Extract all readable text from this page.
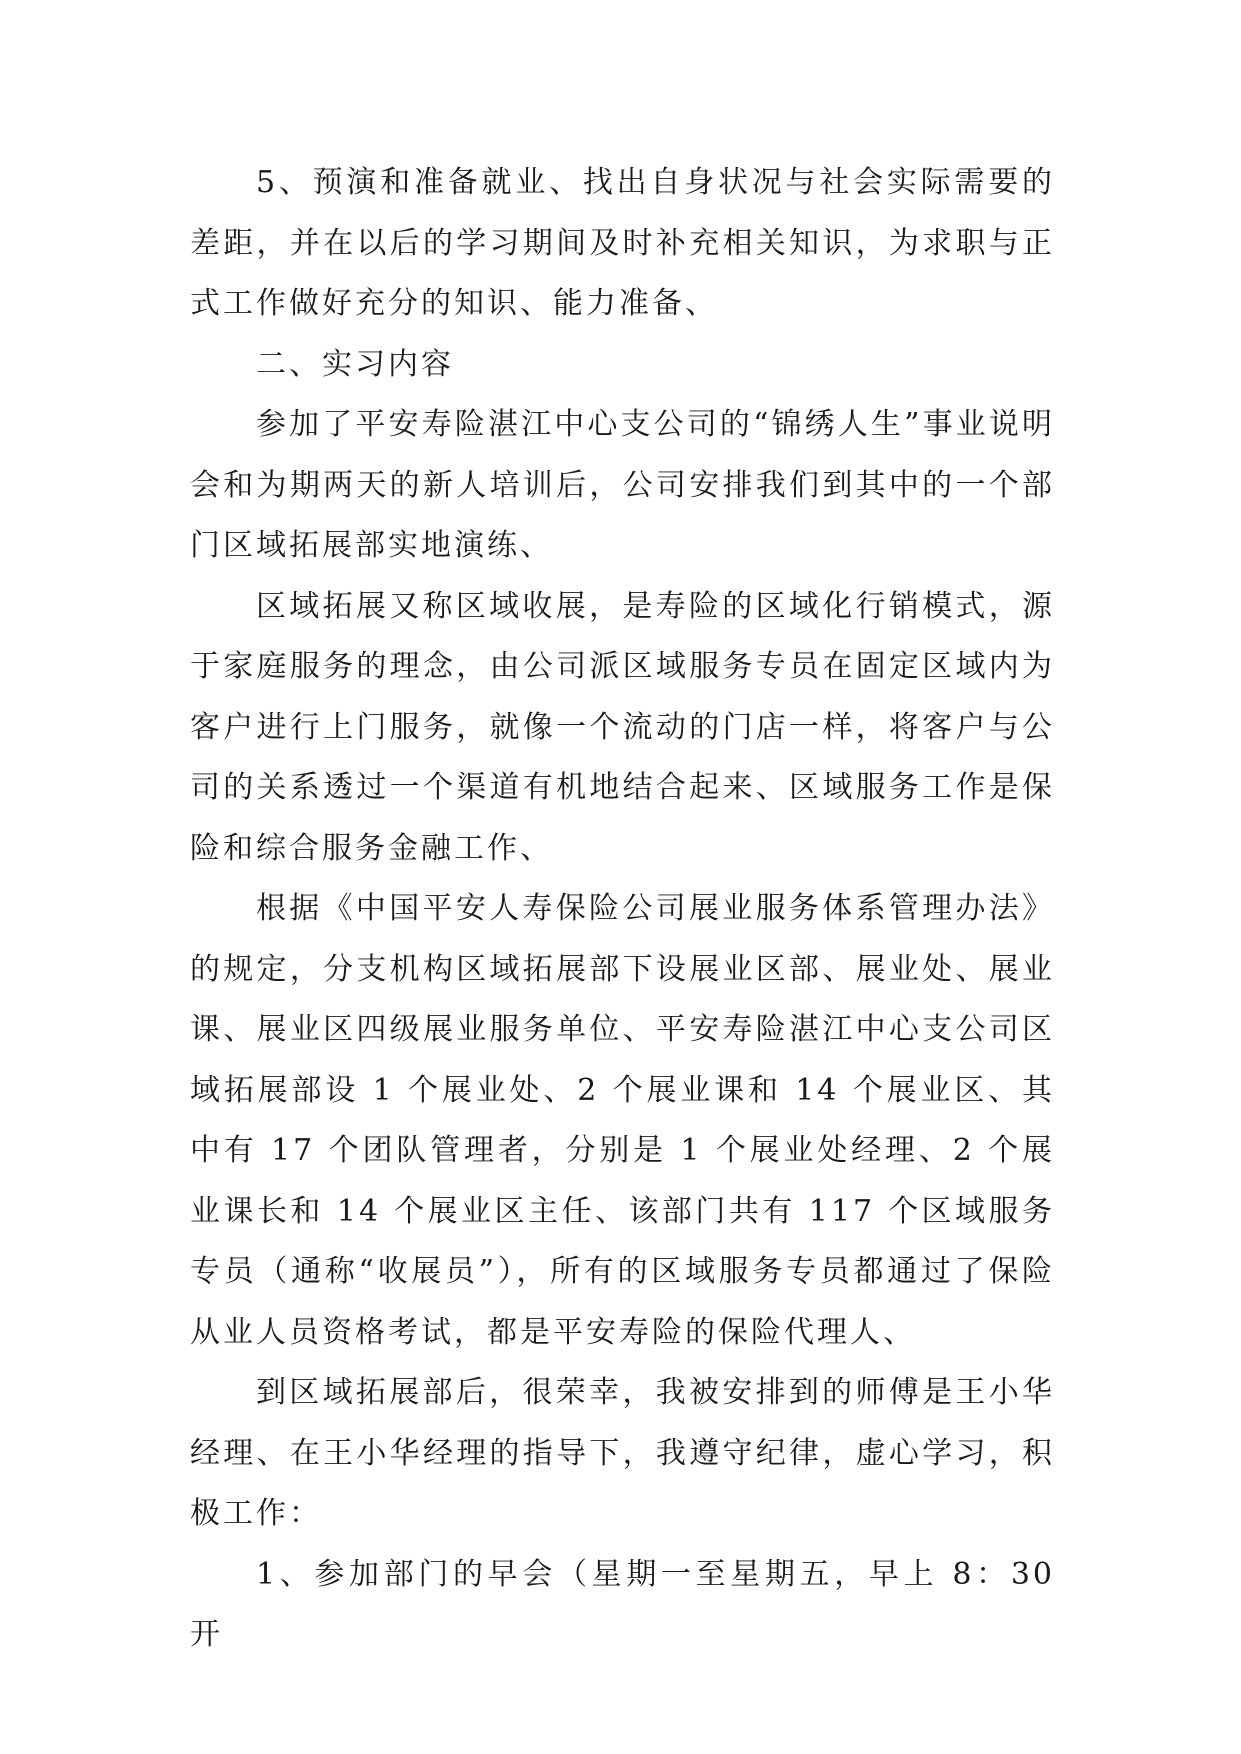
5、预演和准备就业、找出自身状况与社会实际需要的差距，并在以后的学习期间及时补充相关知识，为求职与正式工作做好充分的知识、能力准备、

二、实习内容

参加了平安寿险湛江中心支公司的“锦绣人生”事业说明会和为期两天的新人培训后，公司安排我们到其中的一个部门区域拓展部实地演练、

区域拓展又称区域收展，是寿险的区域化行销模式，源于家庭服务的理念，由公司派区域服务专员在固定区域内为客户进行上门服务，就像一个流动的门店一样，将客户与公司的关系透过一个渠道有机地结合起来、区域服务工作是保险和综合服务金融工作、

根据《中国平安人寿保险公司展业服务体系管理办法》的规定，分支机构区域拓展部下设展业区部、展业处、展业课、展业区四级展业服务单位、平安寿险湛江中心支公司区域拓展部设 1 个展业处、2 个展业课和 14 个展业区、其中有 17 个团队管理者，分别是 1 个展业处经理、2 个展业课长和 14 个展业区主任、该部门共有 117 个区域服务专员（通称“收展员”），所有的区域服务专员都通过了保险从业人员资格考试，都是平安寿险的保险代理人、

到区域拓展部后，很荣幸，我被安排到的师傅是王小华经理、在王小华经理的指导下，我遵守纪律，虚心学习，积极工作：

1、参加部门的早会（星期一至星期五，早上 8：30 开
